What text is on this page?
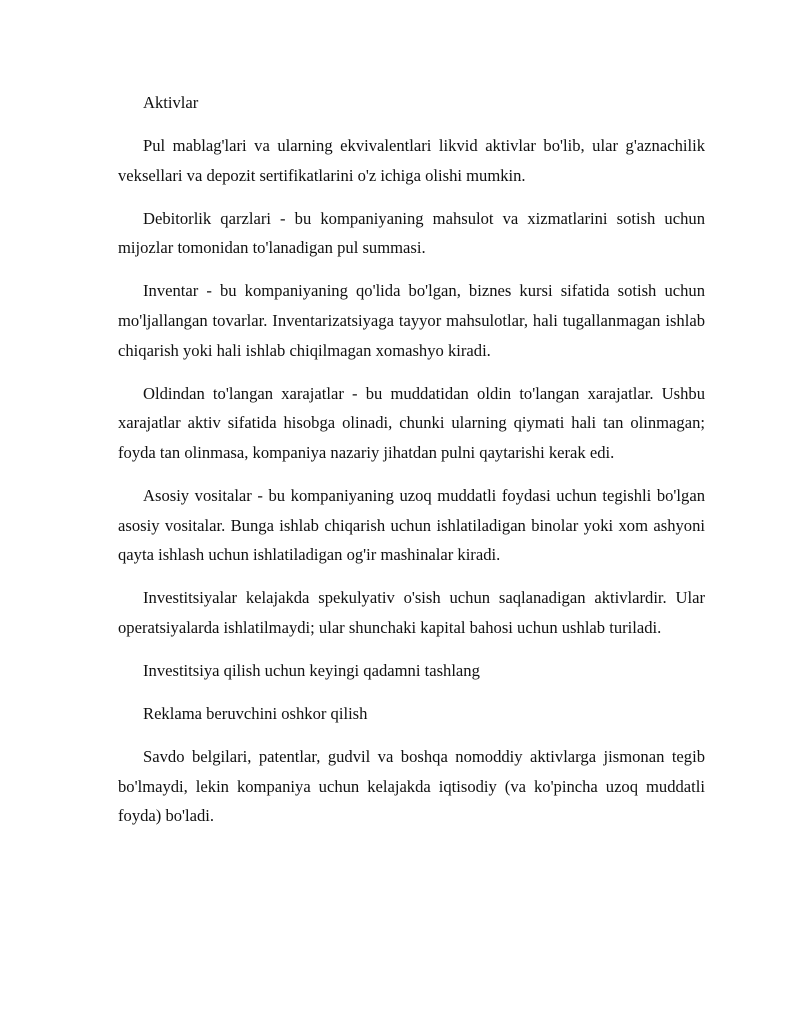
Aktivlar

Pul mablag'lari va ularning ekvivalentlari likvid aktivlar bo'lib, ular g'aznachilik veksellari va depozit sertifikatlarini o'z ichiga olishi mumkin.

Debitorlik qarzlari - bu kompaniyaning mahsulot va xizmatlarini sotish uchun mijozlar tomonidan to'lanadigan pul summasi.

Inventar - bu kompaniyaning qo'lida bo'lgan, biznes kursi sifatida sotish uchun mo'ljallangan tovarlar. Inventarizatsiyaga tayyor mahsulotlar, hali tugallanmagan ishlab chiqarish yoki hali ishlab chiqilmagan xomashyo kiradi.

Oldindan to'langan xarajatlar - bu muddatidan oldin to'langan xarajatlar. Ushbu xarajatlar aktiv sifatida hisobga olinadi, chunki ularning qiymati hali tan olinmagan; foyda tan olinmasa, kompaniya nazariy jihatdan pulni qaytarishi kerak edi.

Asosiy vositalar - bu kompaniyaning uzoq muddatli foydasi uchun tegishli bo'lgan asosiy vositalar. Bunga ishlab chiqarish uchun ishlatiladigan binolar yoki xom ashyoni qayta ishlash uchun ishlatiladigan og'ir mashinalar kiradi.

Investitsiyalar kelajakda spekulyativ o'sish uchun saqlanadigan aktivlardir. Ular operatsiyalarda ishlatilmaydi; ular shunchaki kapital bahosi uchun ushlab turiladi.

Investitsiya qilish uchun keyingi qadamni tashlang

Reklama beruvchini oshkor qilish

Savdo belgilari, patentlar, gudvil va boshqa nomoddiy aktivlarga jismonan tegib bo'lmaydi, lekin kompaniya uchun kelajakda iqtisodiy (va ko'pincha uzoq muddatli foyda) bo'ladi.
